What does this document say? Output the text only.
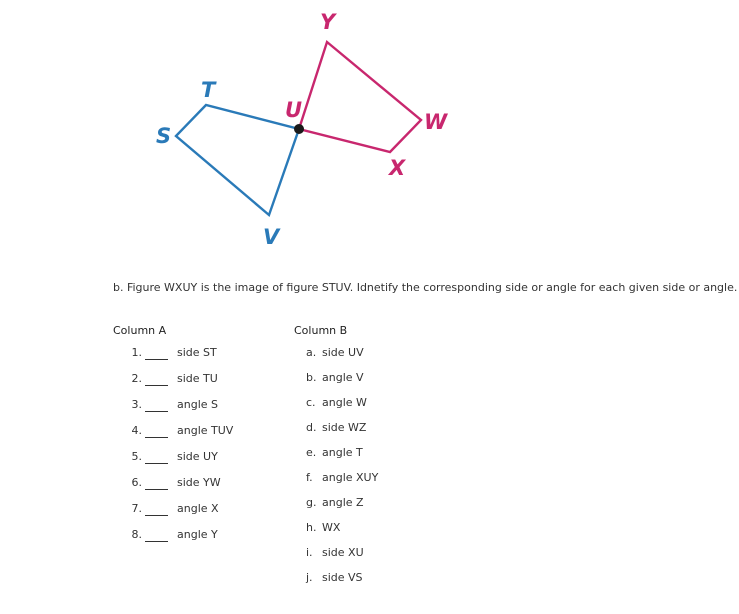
S
T
U
V
Y
W
X
b. Figure WXUY is the image of figure STUV. Idnetify the corresponding side or angle for each given side or angle.
Column A	Column B
1.	side ST
2.	side TU
3.	angle S
4.	angle TUV
5.	side UY
6.	side YW
7.	angle X
8.	angle Y
a. side UV
b. angle V
c. angle W
d. side WZ
e. angle T
f. angle XUY
g. angle Z
h. WX
i. side XU
j. side VS
